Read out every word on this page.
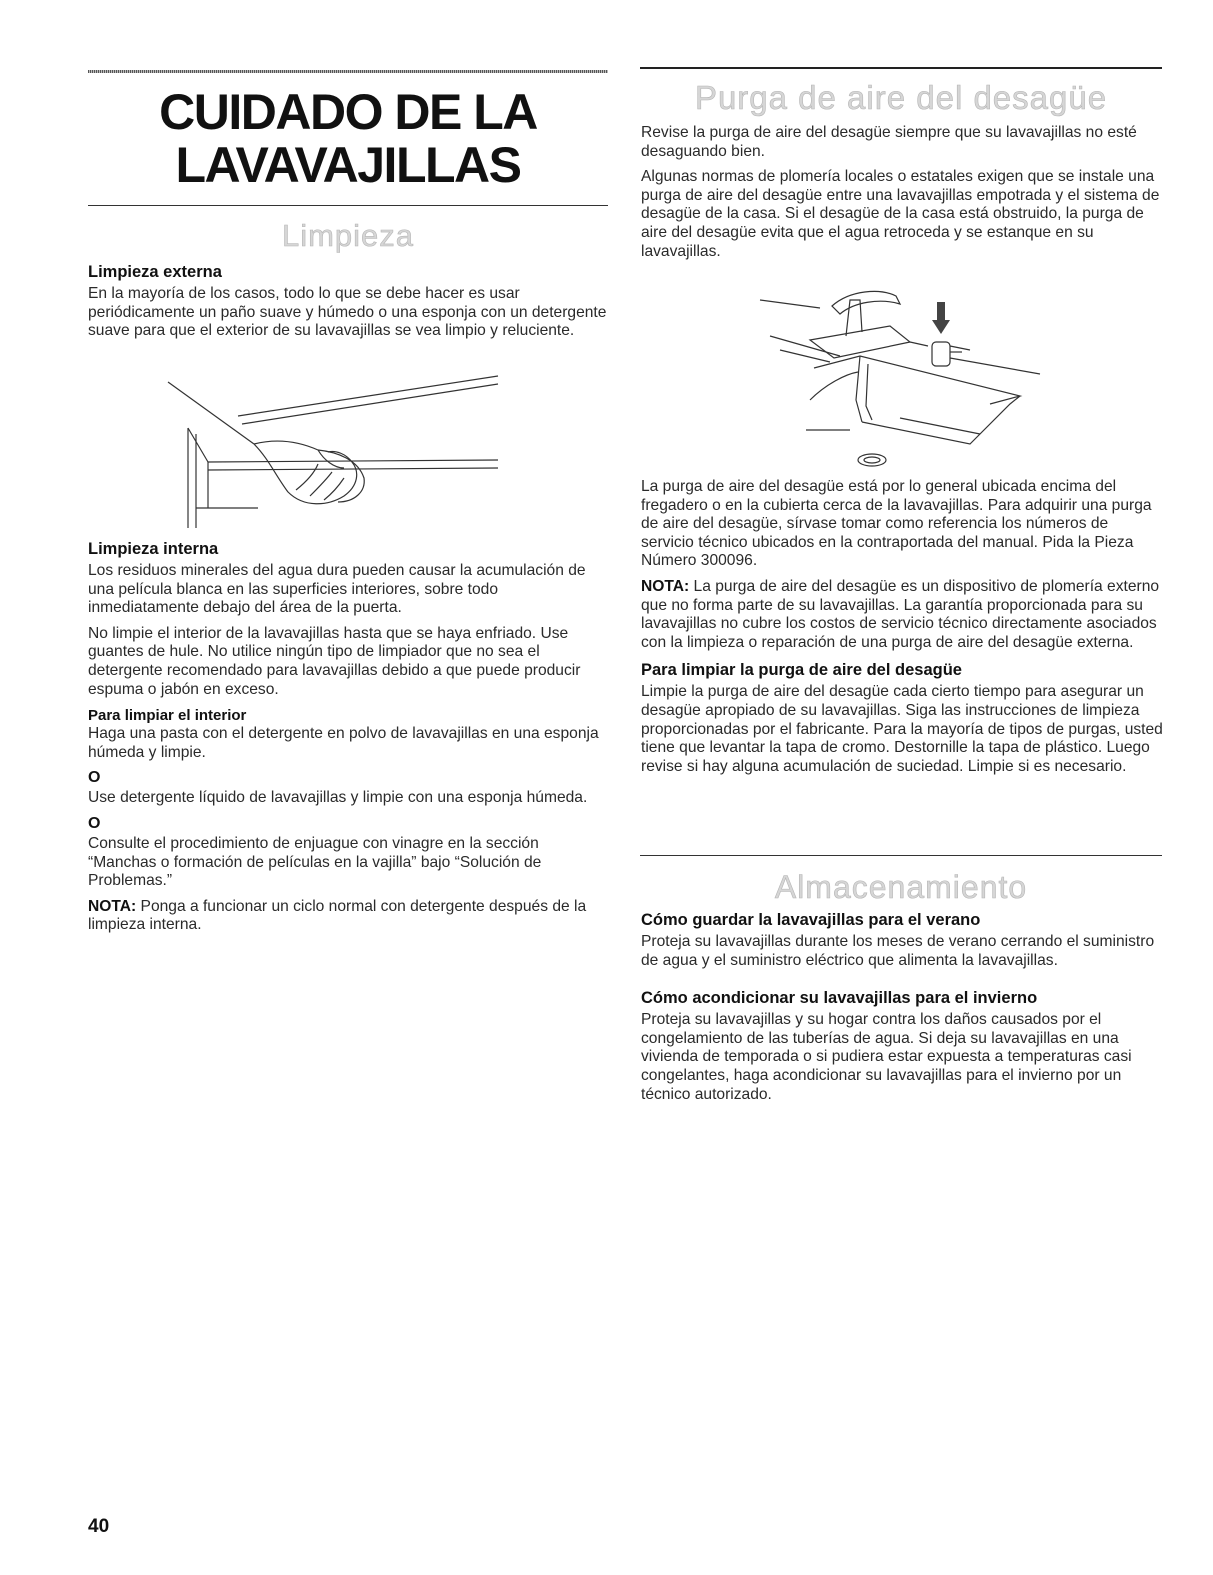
CUIDADO DE LA LAVAVAJILLAS
Limpieza
Limpieza externa

En la mayoría de los casos, todo lo que se debe hacer es usar periódicamente un paño suave y húmedo o una esponja con un detergente suave para que el exterior de su lavavajillas se vea limpio y reluciente.

Limpieza interna

Los residuos minerales del agua dura pueden causar la acumulación de una película blanca en las superficies interiores, sobre todo inmediatamente debajo del área de la puerta.

No limpie el interior de la lavavajillas hasta que se haya enfriado. Use guantes de hule. No utilice ningún tipo de limpiador que no sea el detergente recomendado para lavavajillas debido a que puede producir espuma o jabón en exceso.

Para limpiar el interior

Haga una pasta con el detergente en polvo de lavavajillas en una esponja húmeda y limpie.

O

Use detergente líquido de lavavajillas y limpie con una esponja húmeda.

O

Consulte el procedimiento de enjuague con vinagre en la sección “Manchas o formación de películas en la vajilla” bajo “Solución de Problemas.”

NOTA: Ponga a funcionar un ciclo normal con detergente después de la limpieza interna.

Purga de aire del desagüe

Revise la purga de aire del desagüe siempre que su lavavajillas no esté desaguando bien.

Algunas normas de plomería locales o estatales exigen que se instale una purga de aire del desagüe entre una lavavajillas empotrada y el sistema de desagüe de la casa. Si el desagüe de la casa está obstruido, la purga de aire del desagüe evita que el agua retroceda y se estanque en su lavavajillas.

La purga de aire del desagüe está por lo general ubicada encima del fregadero o en la cubierta cerca de la lavavajillas. Para adquirir una purga de aire del desagüe, sírvase tomar como referencia los números de servicio técnico ubicados en la contraportada del manual. Pida la Pieza Número 300096.

NOTA: La purga de aire del desagüe es un dispositivo de plomería externo que no forma parte de su lavavajillas. La garantía proporcionada para su lavavajillas no cubre los costos de servicio técnico directamente asociados con la limpieza o reparación de una purga de aire del desagüe externa.

Para limpiar la purga de aire del desagüe

Limpie la purga de aire del desagüe cada cierto tiempo para asegurar un desagüe apropiado de su lavavajillas. Siga las instrucciones de limpieza proporcionadas por el fabricante. Para la mayoría de tipos de purgas, usted tiene que levantar la tapa de cromo. Destornille la tapa de plástico. Luego revise si hay alguna acumulación de suciedad. Limpie si es necesario.

Almacenamiento
Cómo guardar la lavavajillas para el verano

Proteja su lavavajillas durante los meses de verano cerrando el suministro de agua y el suministro eléctrico que alimenta la lavavajillas.

Cómo acondicionar su lavavajillas para el invierno

Proteja su lavavajillas y su hogar contra los daños causados por el congelamiento de las tuberías de agua. Si deja su lavavajillas en una vivienda de temporada o si pudiera estar expuesta a temperaturas casi congelantes, haga acondicionar su lavavajillas para el invierno por un técnico autorizado.

40
